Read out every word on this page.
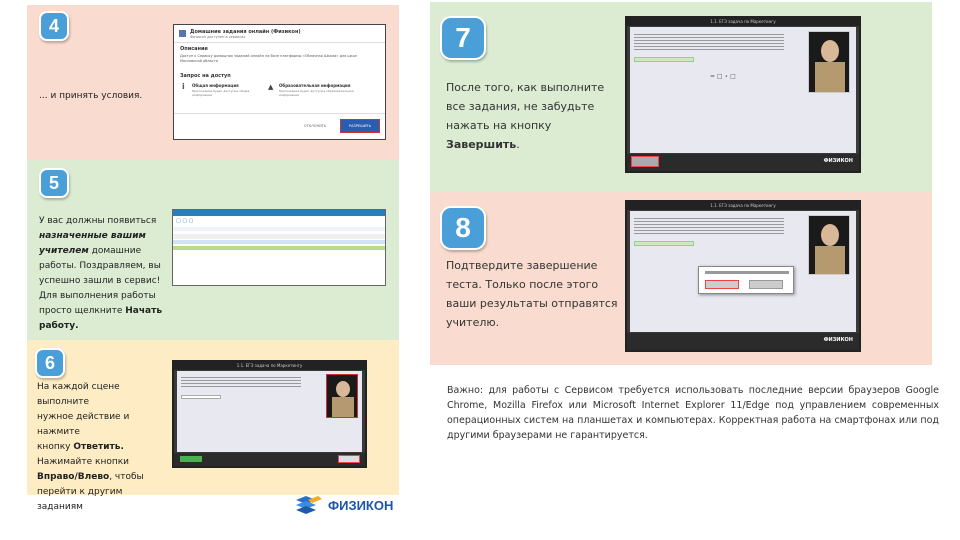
4
... и принять условия.
Домашние задания онлайн (Физикон)
Физикон доступен в сервисах
Описание
Доступ к Сервису домашних заданий онлайн на базе платформы «Облачная Школа» для школ Московской области
Запрос на доступ
i Общая информация
Приложение будет доступна общая информация
▲ Образовательная информация
Приложение будет доступна образовательная информация
ОТКЛОНИТЬ	РАЗРЕШИТЬ
5
У вас должны появиться
назначенные вашим
учителем домашние
работы. Поздравляем, вы
успешно зашли в сервис!
Для выполнения работы
просто щелкните Начать
работу.
▢ ▢ ▢
6
На каждой сцене выполните
нужное действие и нажмите
кнопку Ответить.
Нажимайте кнопки
Вправо/Влево, чтобы
перейти к другим заданиям
1.1. ЕГЭ задача по Маркетингу
ФИЗИКОН
7
После того, как выполните
все задания, не забудьте
нажать на кнопку
Завершить.
1.1. ЕГЭ задача по Маркетингу
= □ ⋆ □
ФИЗИКОН
8
Подтвердите завершение
теста. Только после этого
ваши результаты отправятся
учителю.
1.1. ЕГЭ задача по Маркетингу
ФИЗИКОН
Важно: для работы с Сервисом требуется использовать последние версии браузеров Google Chrome, Mozilla Firefox или Microsoft Internet Explorer 11/Edge под управлением современных операционных систем на планшетах и компьютерах. Корректная работа на смартфонах или под другими браузерами не гарантируется.
